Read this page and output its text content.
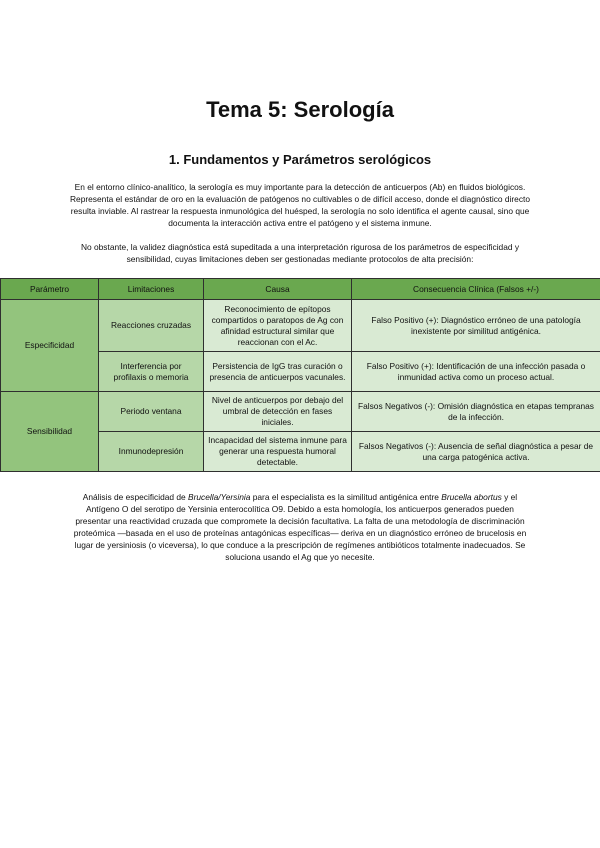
Tema 5: Serología
1. Fundamentos y Parámetros serológicos

En el entorno clínico-analítico, la serología es muy importante para la detección de anticuerpos (Ab) en fluidos biológicos. Representa el estándar de oro en la evaluación de patógenos no cultivables o de difícil acceso, donde el diagnóstico directo resulta inviable. Al rastrear la respuesta inmunológica del huésped, la serología no solo identifica el agente causal, sino que documenta la interacción activa entre el patógeno y el sistema inmune.

No obstante, la validez diagnóstica está supeditada a una interpretación rigurosa de los parámetros de especificidad y sensibilidad, cuyas limitaciones deben ser gestionadas mediante protocolos de alta precisión:

Parámetro	Limitaciones	Causa	Consecuencia Clínica (Falsos +/-)
Especificidad	Reacciones cruzadas	Reconocimiento de epítopos compartidos o paratopos de Ag con afinidad estructural similar que reaccionan con el Ac.	Falso Positivo (+): Diagnóstico erróneo de una patología inexistente por similitud antigénica.
	Interferencia por profilaxis o memoria	Persistencia de IgG tras curación o presencia de anticuerpos vacunales.	Falso Positivo (+): Identificación de una infección pasada o inmunidad activa como un proceso actual.
Sensibilidad	Periodo ventana	Nivel de anticuerpos por debajo del umbral de detección en fases iniciales.	Falsos Negativos (-): Omisión diagnóstica en etapas tempranas de la infección.
	Inmunodepresión	Incapacidad del sistema inmune para generar una respuesta humoral detectable.	Falsos Negativos (-): Ausencia de señal diagnóstica a pesar de una carga patogénica activa.

Análisis de especificidad de Brucella/Yersinia para el especialista es la similitud antigénica entre Brucella abortus y el Antígeno O del serotipo de Yersinia enterocolítica O9. Debido a esta homología, los anticuerpos generados pueden presentar una reactividad cruzada que compromete la decisión facultativa. La falta de una metodología de discriminación proteómica —basada en el uso de proteínas antagónicas específicas— deriva en un diagnóstico erróneo de brucelosis en lugar de yersiniosis (o viceversa), lo que conduce a la prescripción de regímenes antibióticos totalmente inadecuados. Se soluciona usando el Ag que yo necesite.
